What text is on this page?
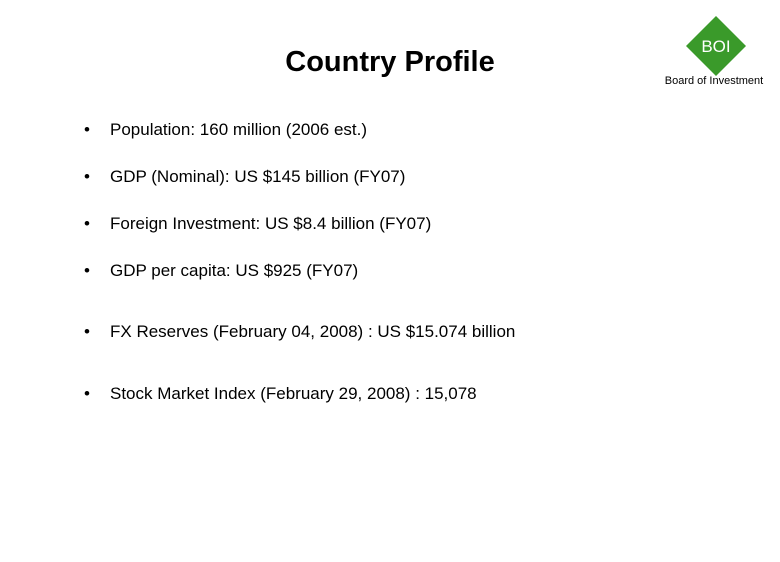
Country Profile	BOI
Board of Investment
• Population: 160 million (2006 est.)
• GDP (Nominal): US $145 billion (FY07)
• Foreign Investment: US $8.4 billion (FY07)
• GDP per capita: US $925 (FY07)
• FX Reserves (February 04, 2008) : US $15.074 billion
• Stock Market Index (February 29, 2008) : 15,078
